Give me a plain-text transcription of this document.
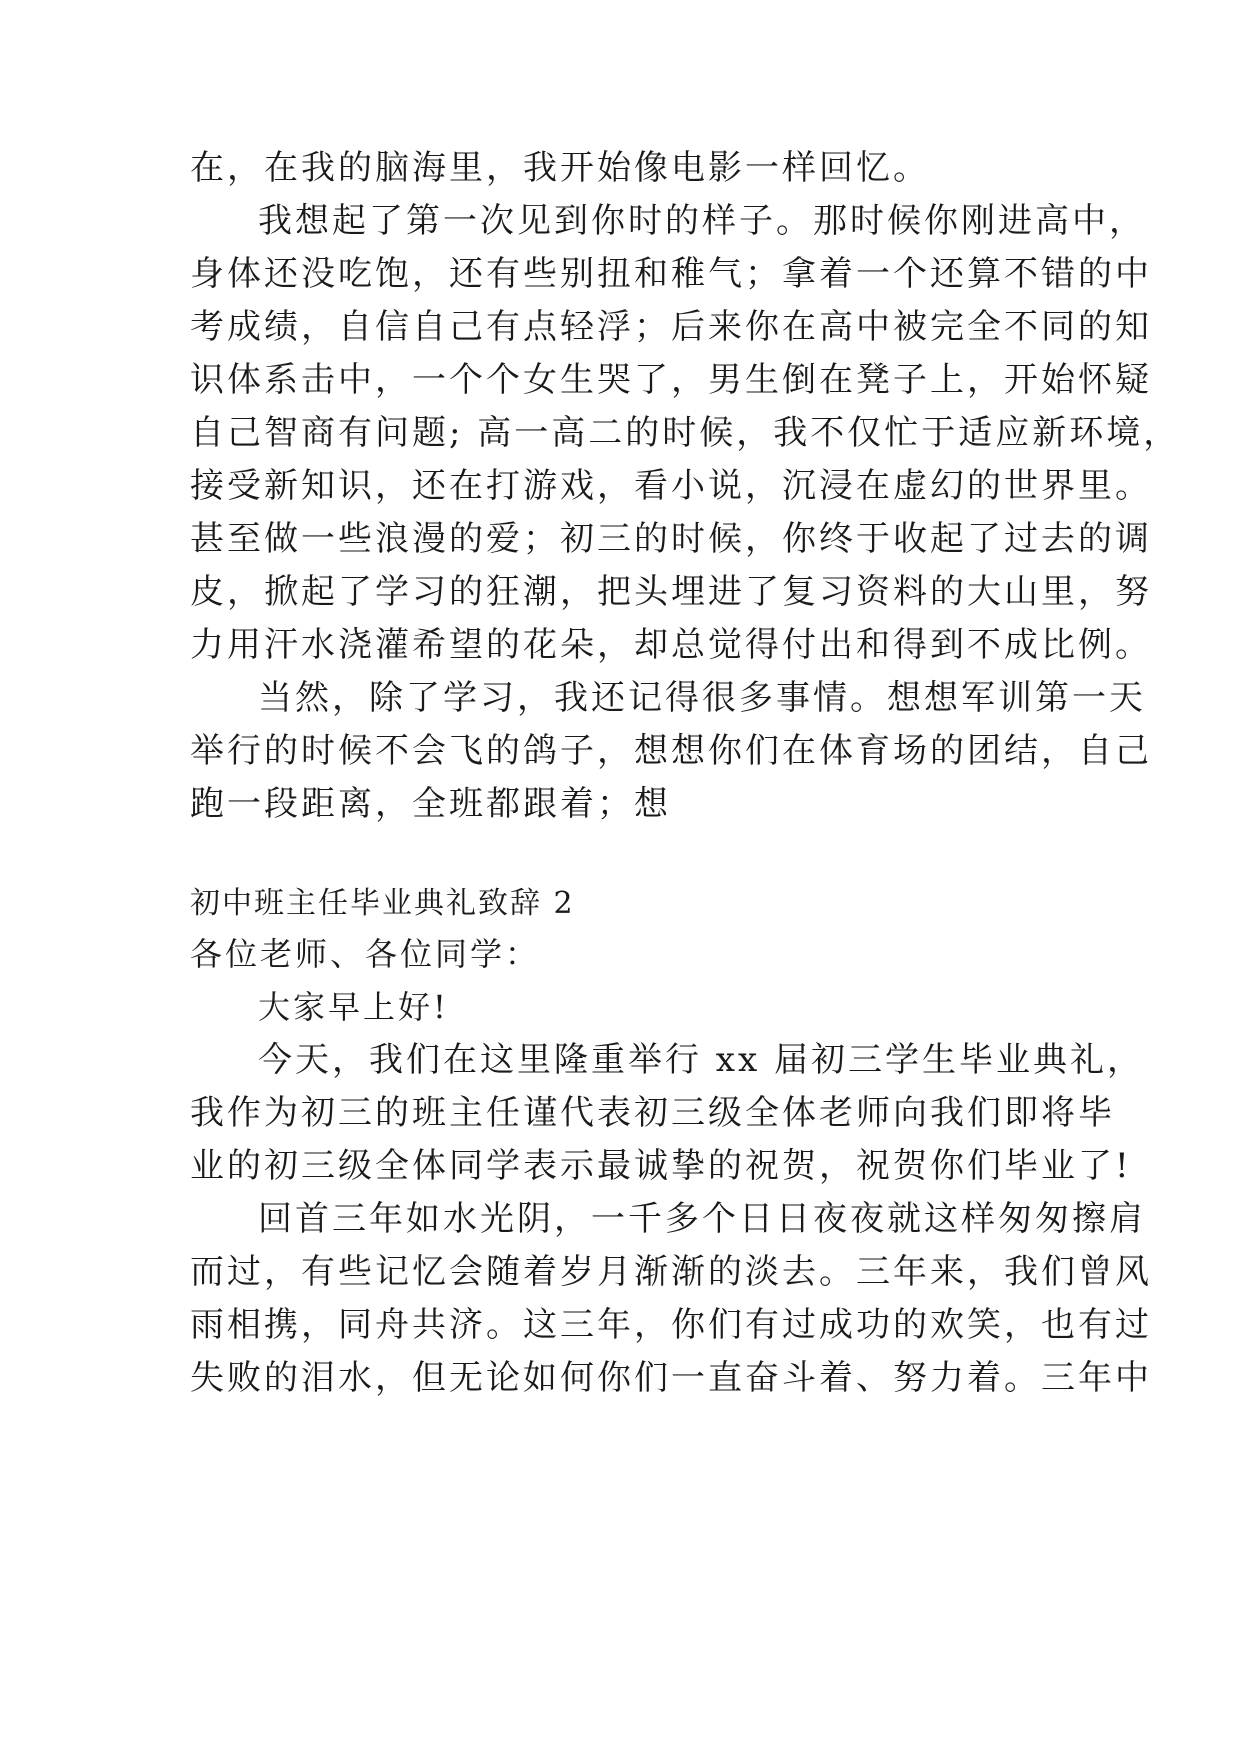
在，在我的脑海里，我开始像电影一样回忆。
我想起了第一次见到你时的样子。那时候你刚进高中，
身体还没吃饱，还有些别扭和稚气；拿着一个还算不错的中
考成绩，自信自己有点轻浮；后来你在高中被完全不同的知
识体系击中，一个个女生哭了，男生倒在凳子上，开始怀疑
自己智商有问题; 高一高二的时候，我不仅忙于适应新环境，
接受新知识，还在打游戏，看小说，沉浸在虚幻的世界里。
甚至做一些浪漫的爱；初三的时候，你终于收起了过去的调
皮，掀起了学习的狂潮，把头埋进了复习资料的大山里，努
力用汗水浇灌希望的花朵，却总觉得付出和得到不成比例。
当然，除了学习，我还记得很多事情。想想军训第一天
举行的时候不会飞的鸽子，想想你们在体育场的团结，自己
跑一段距离，全班都跟着；想
初中班主任毕业典礼致辞 2
各位老师、各位同学：
大家早上好!
今天，我们在这里隆重举行 xx 届初三学生毕业典礼，
我作为初三的班主任谨代表初三级全体老师向我们即将毕
业的初三级全体同学表示最诚挚的祝贺，祝贺你们毕业了!
回首三年如水光阴，一千多个日日夜夜就这样匆匆擦肩
而过，有些记忆会随着岁月渐渐的淡去。三年来，我们曾风
雨相携，同舟共济。这三年，你们有过成功的欢笑，也有过
失败的泪水，但无论如何你们一直奋斗着、努力着。三年中
